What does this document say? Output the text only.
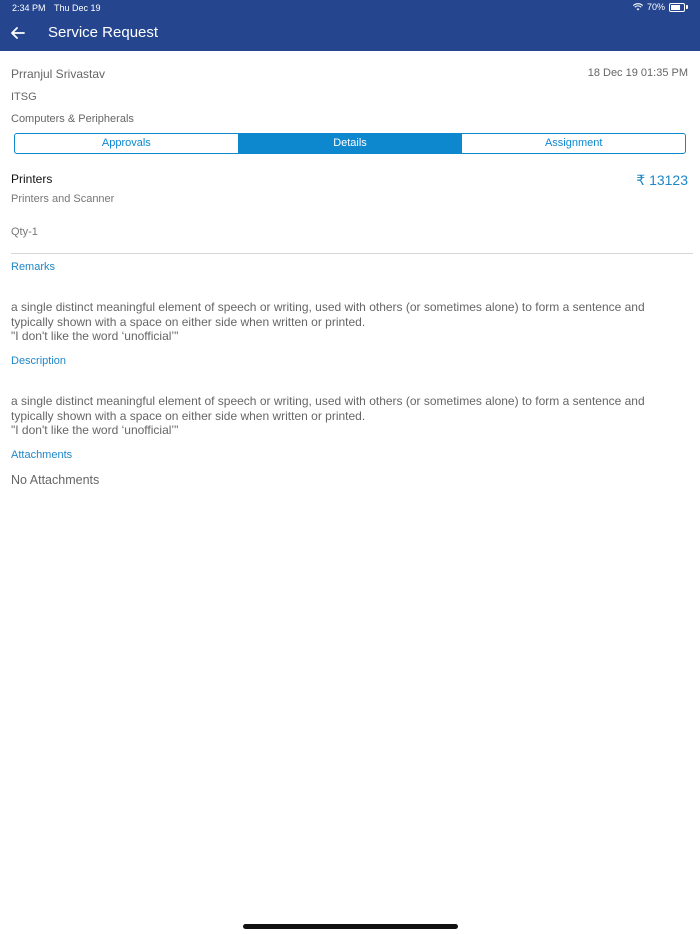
2:34 PM Thu Dec 19	70%
Service Request
Prranjul Srivastav	18 Dec 19 01:35 PM
ITSG
Computers & Peripherals
Approvals	Details	Assignment
Printers	₹ 13123
Printers and Scanner
Qty-1
Remarks
a single distinct meaningful element of speech or writing, used with others (or sometimes alone) to form a sentence and
typically shown with a space on either side when written or printed.
"I don't like the word ‘unofficial’"
Description
a single distinct meaningful element of speech or writing, used with others (or sometimes alone) to form a sentence and
typically shown with a space on either side when written or printed.
"I don't like the word ‘unofficial’"
Attachments
No Attachments
